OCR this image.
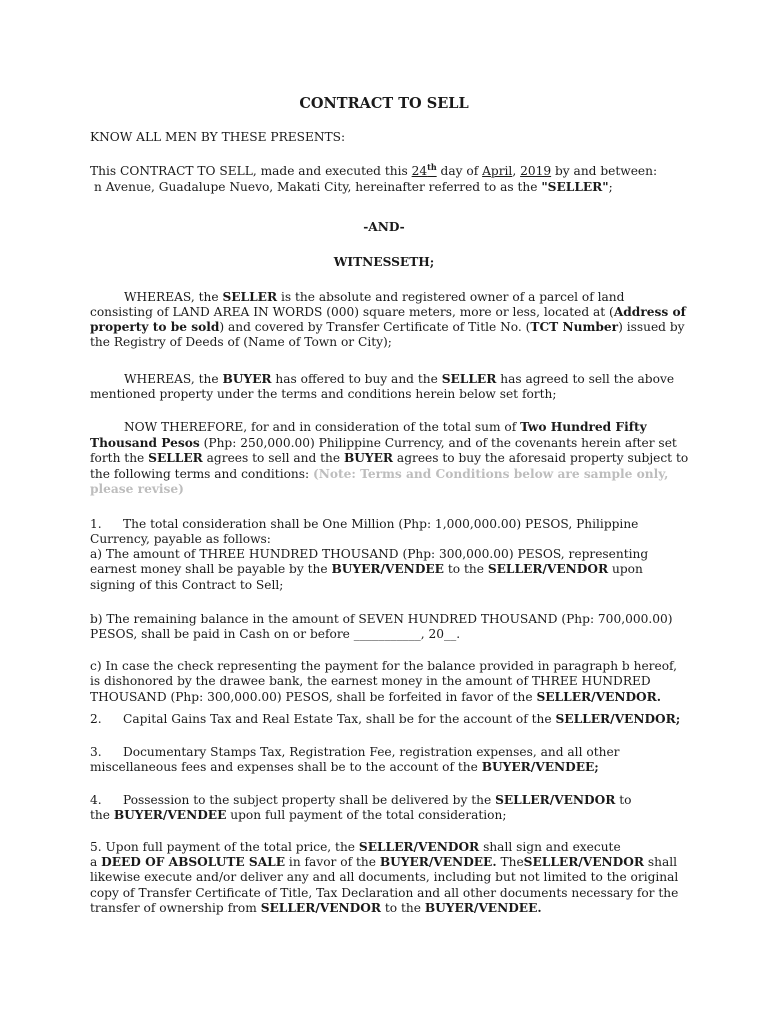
CONTRACT TO SELL
KNOW ALL MEN BY THESE PRESENTS:
This CONTRACT TO SELL, made and executed this 24th day of April, 2019 by and between:
n Avenue, Guadalupe Nuevo, Makati City, hereinafter referred to as the "SELLER";
-AND-
WITNESSETH;
WHEREAS, the SELLER is the absolute and registered owner of a parcel of land
consisting of LAND AREA IN WORDS (000) square meters, more or less, located at (Address of
property to be sold) and covered by Transfer Certificate of Title No. (TCT Number) issued by
the Registry of Deeds of (Name of Town or City);
WHEREAS, the BUYER has offered to buy and the SELLER has agreed to sell the above
mentioned property under the terms and conditions herein below set forth;
NOW THEREFORE, for and in consideration of the total sum of Two Hundred Fifty
Thousand Pesos (Php: 250,000.00) Philippine Currency, and of the covenants herein after set
forth the SELLER agrees to sell and the BUYER agrees to buy the aforesaid property subject to
the following terms and conditions: (Note: Terms and Conditions below are sample only,
please revise)
1. The total consideration shall be One Million (Php: 1,000,000.00) PESOS, Philippine
Currency, payable as follows:
a) The amount of THREE HUNDRED THOUSAND (Php: 300,000.00) PESOS, representing
earnest money shall be payable by the BUYER/VENDEE to the SELLER/VENDOR upon
signing of this Contract to Sell;
b) The remaining balance in the amount of SEVEN HUNDRED THOUSAND (Php: 700,000.00)
PESOS, shall be paid in Cash on or before ___________, 20__.
c) In case the check representing the payment for the balance provided in paragraph b hereof,
is dishonored by the drawee bank, the earnest money in the amount of THREE HUNDRED
THOUSAND (Php: 300,000.00) PESOS, shall be forfeited in favor of the SELLER/VENDOR.
2. Capital Gains Tax and Real Estate Tax, shall be for the account of the SELLER/VENDOR;
3. Documentary Stamps Tax, Registration Fee, registration expenses, and all other
miscellaneous fees and expenses shall be to the account of the BUYER/VENDEE;
4. Possession to the subject property shall be delivered by the SELLER/VENDOR to
the BUYER/VENDEE upon full payment of the total consideration;
5. Upon full payment of the total price, the SELLER/VENDOR shall sign and execute
a DEED OF ABSOLUTE SALE in favor of the BUYER/VENDEE. TheSELLER/VENDOR shall
likewise execute and/or deliver any and all documents, including but not limited to the original
copy of Transfer Certificate of Title, Tax Declaration and all other documents necessary for the
transfer of ownership from SELLER/VENDOR to the BUYER/VENDEE.
